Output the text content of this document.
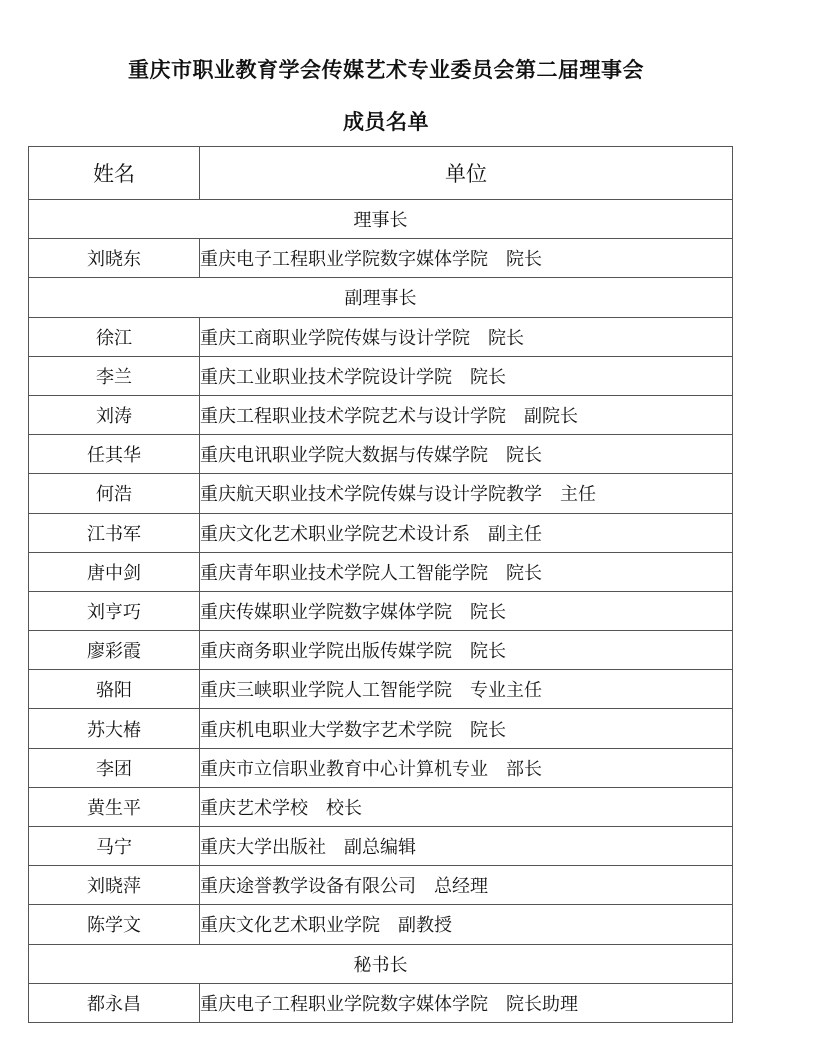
重庆市职业教育学会传媒艺术专业委员会第二届理事会
成员名单
姓名	单位
理事长	
刘晓东	重庆电子工程职业学院数字媒体学院　院长
副理事长	
徐江	重庆工商职业学院传媒与设计学院　院长
李兰	重庆工业职业技术学院设计学院　院长
刘涛	重庆工程职业技术学院艺术与设计学院　副院长
任其华	重庆电讯职业学院大数据与传媒学院　院长
何浩	重庆航天职业技术学院传媒与设计学院教学　主任
江书军	重庆文化艺术职业学院艺术设计系　副主任
唐中剑	重庆青年职业技术学院人工智能学院　院长
刘亨巧	重庆传媒职业学院数字媒体学院　院长
廖彩霞	重庆商务职业学院出版传媒学院　院长
骆阳	重庆三峡职业学院人工智能学院　专业主任
苏大椿	重庆机电职业大学数字艺术学院　院长
李团	重庆市立信职业教育中心计算机专业　部长
黄生平	重庆艺术学校　校长
马宁	重庆大学出版社　副总编辑
刘晓萍	重庆途誉教学设备有限公司　总经理
陈学文	重庆文化艺术职业学院　副教授
秘书长	
都永昌	重庆电子工程职业学院数字媒体学院　院长助理
